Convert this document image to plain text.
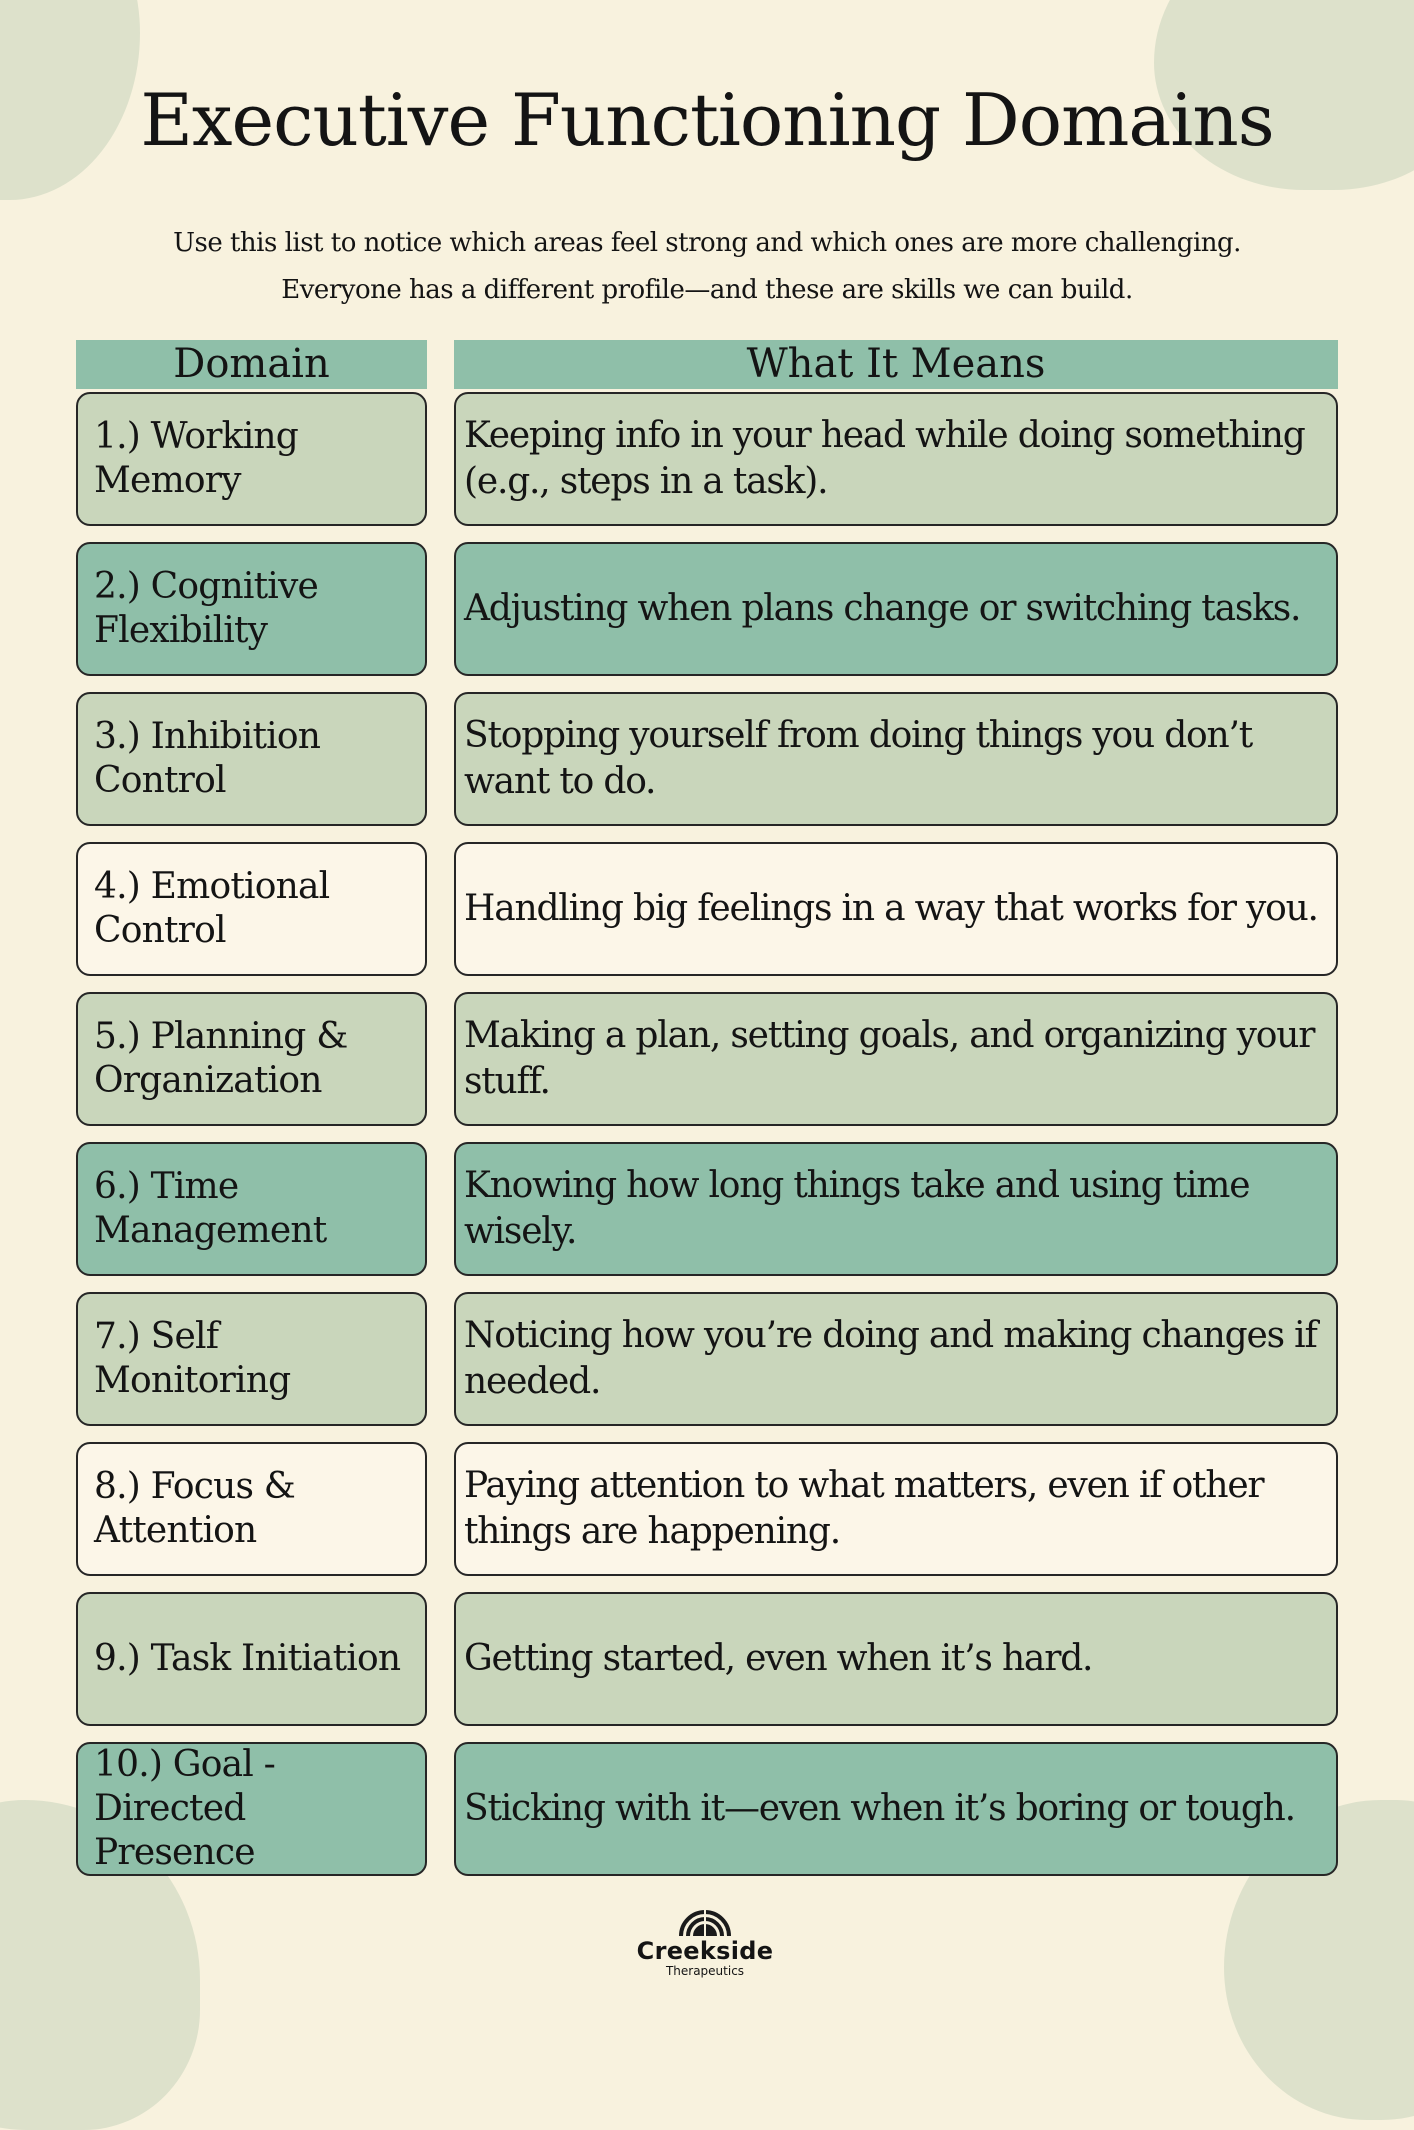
Executive Functioning Domains
Use this list to notice which areas feel strong and which ones are more challenging.
Everyone has a different profile—and these are skills we can build.
Domain	What It Means
1.) Working Memory
Keeping info in your head while doing something (e.g., steps in a task).
2.) Cognitive Flexibility
Adjusting when plans change or switching tasks.
3.) Inhibition Control
Stopping yourself from doing things you don’t want to do.
4.) Emotional Control
Handling big feelings in a way that works for you.
5.) Planning & Organization
Making a plan, setting goals, and organizing your stuff.
6.) Time Management
Knowing how long things take and using time wisely.
7.) Self Monitoring
Noticing how you’re doing and making changes if needed.
8.) Focus & Attention
Paying attention to what matters, even if other things are happening.
9.) Task Initiation	Getting started, even when it’s hard.
10.) Goal -Directed Presence
Sticking with it—even when it’s boring or tough.
Creekside
Therapeutics
